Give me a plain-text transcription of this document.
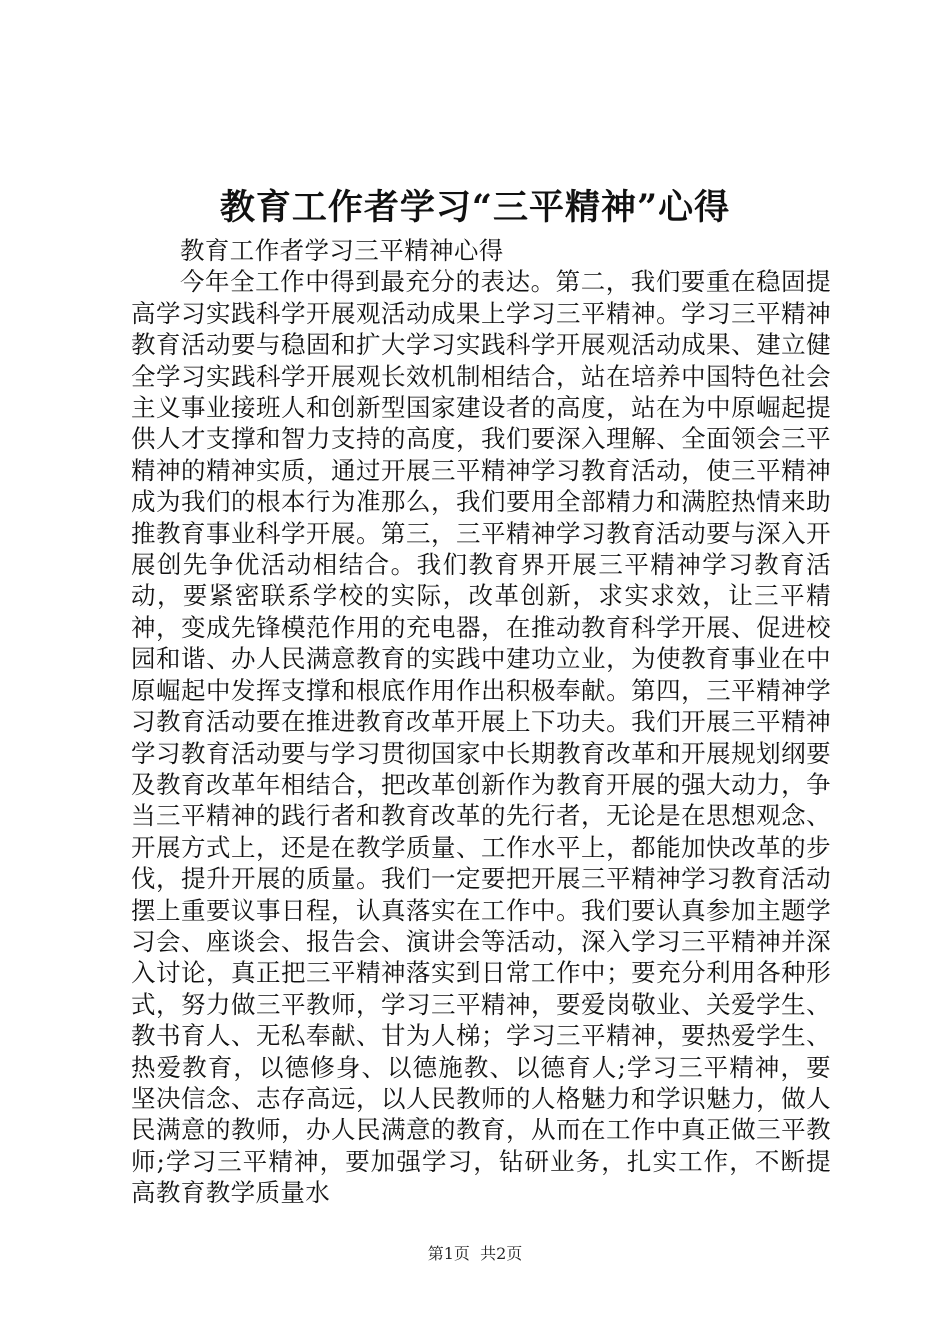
教育工作者学习“三平精神”心得

教育工作者学习三平精神心得

今年全工作中得到最充分的表达。第二，我们要重在稳固提高学习实践科学开展观活动成果上学习三平精神。学习三平精神教育活动要与稳固和扩大学习实践科学开展观活动成果、建立健全学习实践科学开展观长效机制相结合，站在培养中国特色社会主义事业接班人和创新型国家建设者的高度，站在为中原崛起提供人才支撑和智力支持的高度，我们要深入理解、全面领会三平精神的精神实质，通过开展三平精神学习教育活动，使三平精神成为我们的根本行为准那么，我们要用全部精力和满腔热情来助推教育事业科学开展。第三，三平精神学习教育活动要与深入开展创先争优活动相结合。我们教育界开展三平精神学习教育活动，要紧密联系学校的实际，改革创新，求实求效，让三平精神，变成先锋模范作用的充电器，在推动教育科学开展、促进校园和谐、办人民满意教育的实践中建功立业，为使教育事业在中原崛起中发挥支撑和根底作用作出积极奉献。第四，三平精神学习教育活动要在推进教育改革开展上下功夫。我们开展三平精神学习教育活动要与学习贯彻国家中长期教育改革和开展规划纲要及教育改革年相结合，把改革创新作为教育开展的强大动力，争当三平精神的践行者和教育改革的先行者，无论是在思想观念、开展方式上，还是在教学质量、工作水平上，都能加快改革的步伐，提升开展的质量。我们一定要把开展三平精神学习教育活动摆上重要议事日程，认真落实在工作中。我们要认真参加主题学习会、座谈会、报告会、演讲会等活动，深入学习三平精神并深入讨论，真正把三平精神落实到日常工作中；要充分利用各种形式，努力做三平教师，学习三平精神，要爱岗敬业、关爱学生、教书育人、无私奉献、甘为人梯；学习三平精神，要热爱学生、热爱教育，以德修身、以德施教、以德育人;学习三平精神，要坚决信念、志存高远，以人民教师的人格魅力和学识魅力，做人民满意的教师，办人民满意的教育，从而在工作中真正做三平教师;学习三平精神，要加强学习，钻研业务，扎实工作，不断提高教育教学质量水

第1页 共2页
